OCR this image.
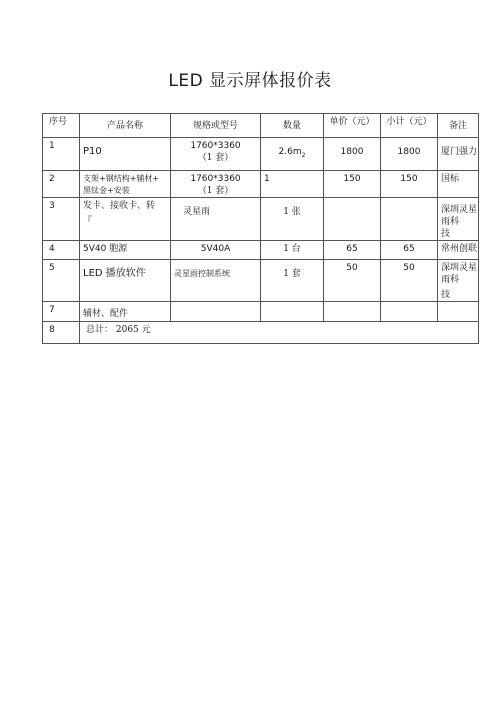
LED 显示屏体报价表
序号	产品名称	规格或型号	数量	单价（元）	小计（元）	备注

1	P10	1760*3360
（1 套）	$2.6m_2$	1800	1800	厦门强力

2	支架+钢结构+辅材+
黑钛金+安装	1760*3360
（1 套）	1	150	150	国标

3	发卡、接收卡、转
『	灵星雨	1 张			深圳灵星雨科
技

4	5V40 胞源	5V40A	1 台	65	65	常州创联

5	LED 播放软件	灵星雨控制系统	1 套	50	50	深圳灵星雨科
技

7	辅材、配件					

8	总计： 2065 元					
